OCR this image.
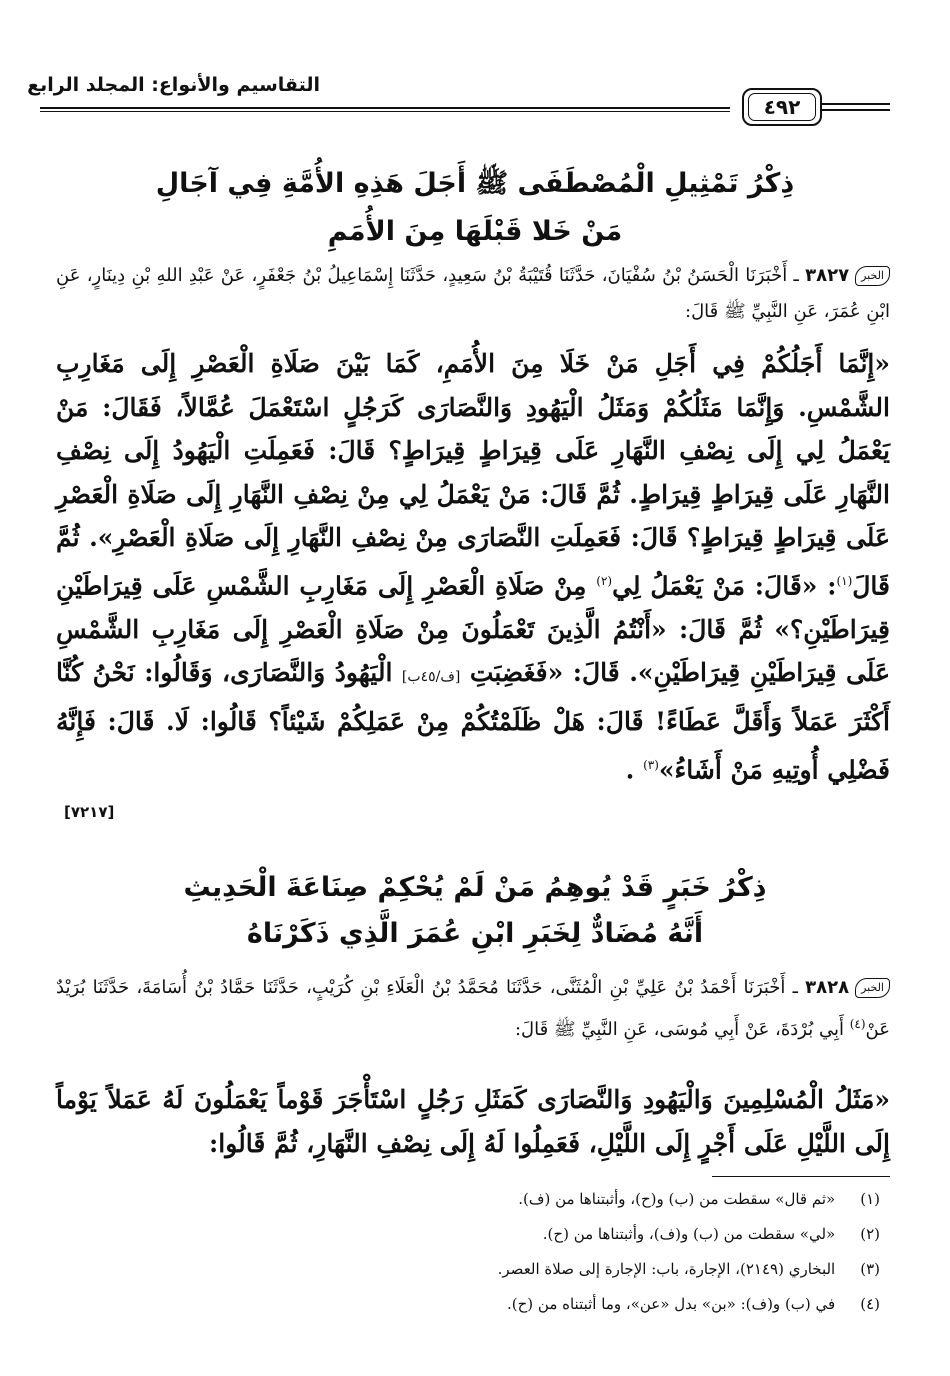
التقاسيم والأنواع: المجلد الرابع
٤٩٢
ذِكْرُ تَمْثِيلِ الْمُصْطَفَى ﷺ أَجَلَ هَذِهِ الأُمَّةِ فِي آجَالِ
مَنْ خَلا قَبْلَهَا مِنَ الأُمَمِ
الخبر٣٨٢٧ ـ أَخْبَرَنَا الْحَسَنُ بْنُ سُفْيَانَ، حَدَّثَنَا قُتَيْبَةُ بْنُ سَعِيدٍ، حَدَّثَنَا إِسْمَاعِيلُ بْنُ جَعْفَرٍ، عَنْ عَبْدِ اللهِ بْنِ دِينَارٍ، عَنِ ابْنِ عُمَرَ، عَنِ النَّبِيِّ ﷺ قَالَ:
«إِنَّمَا أَجَلُكُمْ فِي أَجَلِ مَنْ خَلَا مِنَ الأُمَمِ، كَمَا بَيْنَ صَلَاةِ الْعَصْرِ إِلَى مَغَارِبِ الشَّمْسِ. وَإِنَّمَا مَثَلُكُمْ وَمَثَلُ الْيَهُودِ وَالنَّصَارَى كَرَجُلٍ اسْتَعْمَلَ عُمَّالاً، فَقَالَ: مَنْ يَعْمَلُ لِي إِلَى نِصْفِ النَّهَارِ عَلَى قِيرَاطٍ قِيرَاطٍ؟ قَالَ: فَعَمِلَتِ الْيَهُودُ إِلَى نِصْفِ النَّهَارِ عَلَى قِيرَاطٍ قِيرَاطٍ. ثُمَّ قَالَ: مَنْ يَعْمَلُ لِي مِنْ نِصْفِ النَّهَارِ إِلَى صَلَاةِ الْعَصْرِ عَلَى قِيرَاطٍ قِيرَاطٍ؟ قَالَ: فَعَمِلَتِ النَّصَارَى مِنْ نِصْفِ النَّهَارِ إِلَى صَلَاةِ الْعَصْرِ». ثُمَّ قَالَ$^{(١)}$: «قَالَ: مَنْ يَعْمَلُ لِي$^{(٢)}$ مِنْ صَلَاةِ الْعَصْرِ إِلَى مَغَارِبِ الشَّمْسِ عَلَى قِيرَاطَيْنِ قِيرَاطَيْنِ؟» ثُمَّ قَالَ: «أَنْتُمُ الَّذِينَ تَعْمَلُونَ مِنْ صَلَاةِ الْعَصْرِ إِلَى مَغَارِبِ الشَّمْسِ عَلَى قِيرَاطَيْنِ قِيرَاطَيْنِ». قَالَ: «فَغَضِبَتِ [ف/٤٥ب] الْيَهُودُ وَالنَّصَارَى، وَقَالُوا: نَحْنُ كُنَّا أَكْثَرَ عَمَلاً وَأَقَلَّ عَطَاءً! قَالَ: هَلْ ظَلَمْتُكُمْ مِنْ عَمَلِكُمْ شَيْئاً؟ قَالُوا: لَا. قَالَ: فَإِنَّهُ فَضْلِي أُوتِيهِ مَنْ أَشَاءُ»$^{(٣)}$ .
[٧٢١٧]
ذِكْرُ خَبَرٍ قَدْ يُوهِمُ مَنْ لَمْ يُحْكِمْ صِنَاعَةَ الْحَدِيثِ
أَنَّهُ مُضَادٌّ لِخَبَرِ ابْنِ عُمَرَ الَّذِي ذَكَرْنَاهُ
الخبر٣٨٢٨ ـ أَخْبَرَنَا أَحْمَدُ بْنُ عَلِيِّ بْنِ الْمُثَنَّى، حَدَّثَنَا مُحَمَّدُ بْنُ الْعَلَاءِ بْنِ كُرَيْبٍ، حَدَّثَنَا حَمَّادُ بْنُ أُسَامَةَ، حَدَّثَنَا بُرَيْدٌ عَنْ$^{(٤)}$ أَبِي بُرْدَةَ، عَنْ أَبِي مُوسَى، عَنِ النَّبِيِّ ﷺ قَالَ:
«مَثَلُ الْمُسْلِمِينَ وَالْيَهُودِ وَالنَّصَارَى كَمَثَلِ رَجُلٍ اسْتَأْجَرَ قَوْماً يَعْمَلُونَ لَهُ عَمَلاً يَوْماً إِلَى اللَّيْلِ عَلَى أَجْرٍ إِلَى اللَّيْلِ، فَعَمِلُوا لَهُ إِلَى نِصْفِ النَّهَارِ، ثُمَّ قَالُوا:
(١) «ثم قال» سقطت من (ب) و(ح)، وأثبتناها من (ف).
(٢) «لي» سقطت من (ب) و(ف)، وأثبتناها من (ح).
(٣) البخاري (٢١٤٩)، الإجارة، باب: الإجارة إلى صلاة العصر.
(٤) في (ب) و(ف): «بن» بدل «عن»، وما أثبتناه من (ح).
